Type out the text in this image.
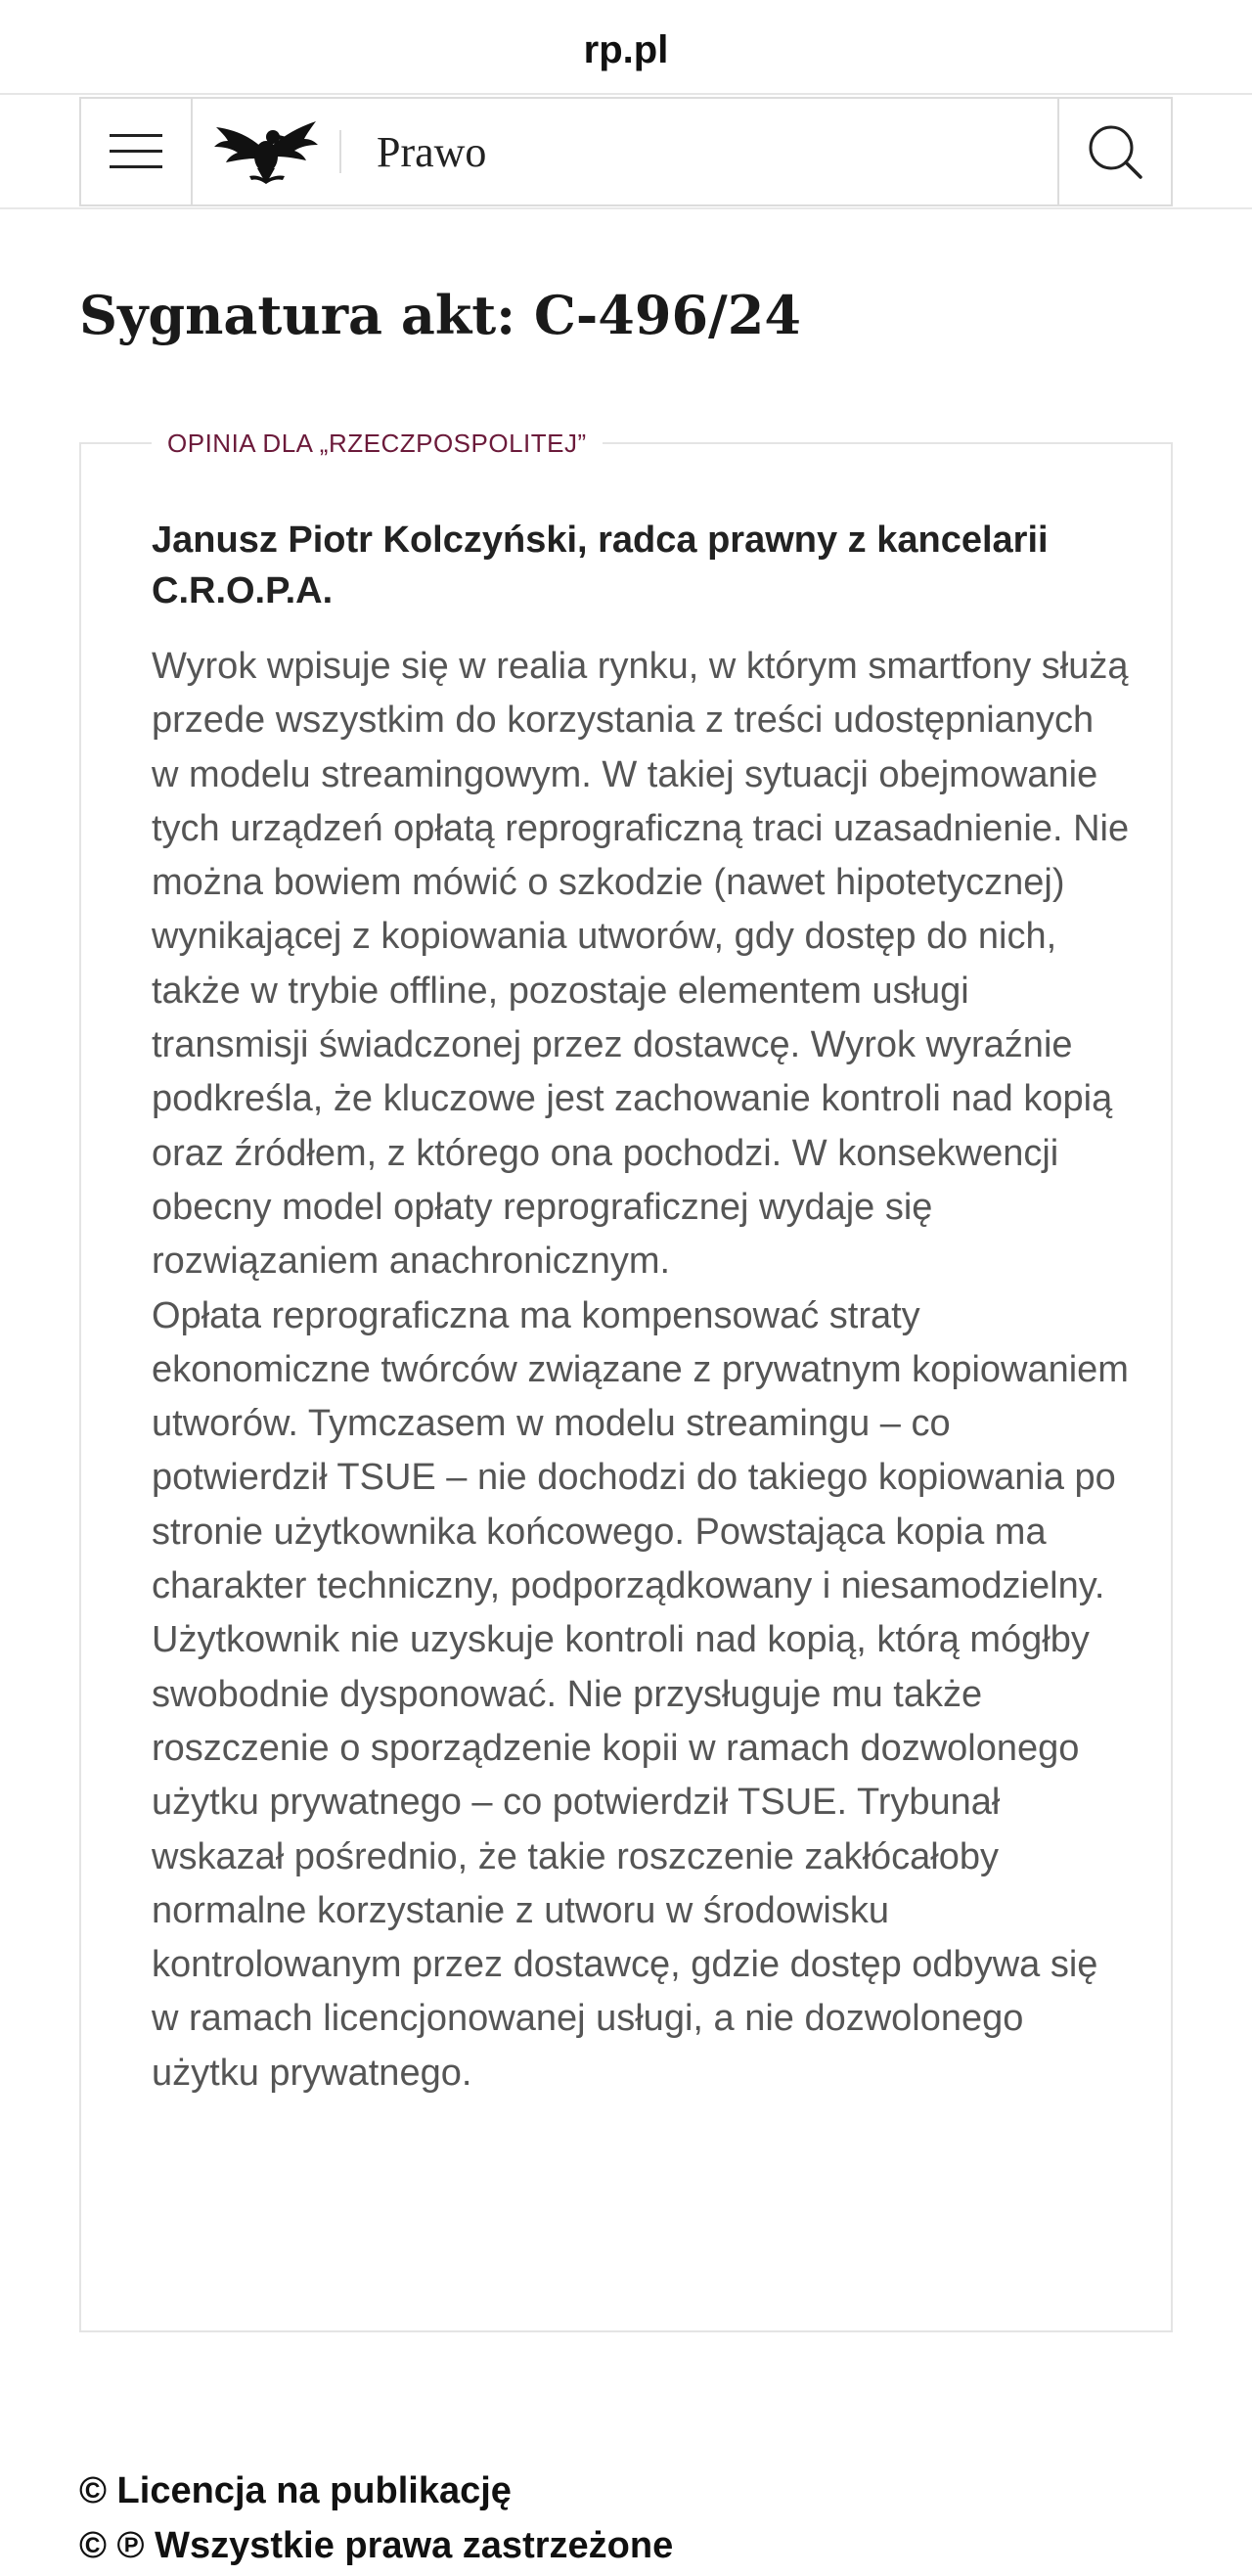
rp.pl
Prawo
Sygnatura akt: C-496/24
OPINIA DLA „RZECZPOSPOLITEJ”
Janusz Piotr Kolczyński, radca prawny z kancelarii C.R.O.P.A.

Wyrok wpisuje się w realia rynku, w którym smartfony służą przede wszystkim do korzystania z treści udostępnianych w modelu streamingowym. W takiej sytuacji obejmowanie tych urządzeń opłatą reprograficzną traci uzasadnienie. Nie można bowiem mówić o szkodzie (nawet hipotetycznej) wynikającej z kopiowania utworów, gdy dostęp do nich, także w trybie offline, pozostaje elementem usługi transmisji świadczonej przez dostawcę. Wyrok wyraźnie podkreśla, że kluczowe jest zachowanie kontroli nad kopią oraz źródłem, z którego ona pochodzi. W konsekwencji obecny model opłaty reprograficznej wydaje się rozwiązaniem anachronicznym.

Opłata reprograficzna ma kompensować straty ekonomiczne twórców związane z prywatnym kopiowaniem utworów. Tymczasem w modelu streamingu – co potwierdził TSUE – nie dochodzi do takiego kopiowania po stronie użytkownika końcowego. Powstająca kopia ma charakter techniczny, podporządkowany i niesamodzielny. Użytkownik nie uzyskuje kontroli nad kopią, którą mógłby swobodnie dysponować. Nie przysługuje mu także roszczenie o sporządzenie kopii w ramach dozwolonego użytku prywatnego – co potwierdził TSUE. Trybunał wskazał pośrednio, że takie roszczenie zakłócałoby normalne korzystanie z utworu w środowisku kontrolowanym przez dostawcę, gdzie dostęp odbywa się w ramach licencjonowanej usługi, a nie dozwolonego użytku prywatnego.

© Licencja na publikację
© ℗ Wszystkie prawa zastrzeżone
